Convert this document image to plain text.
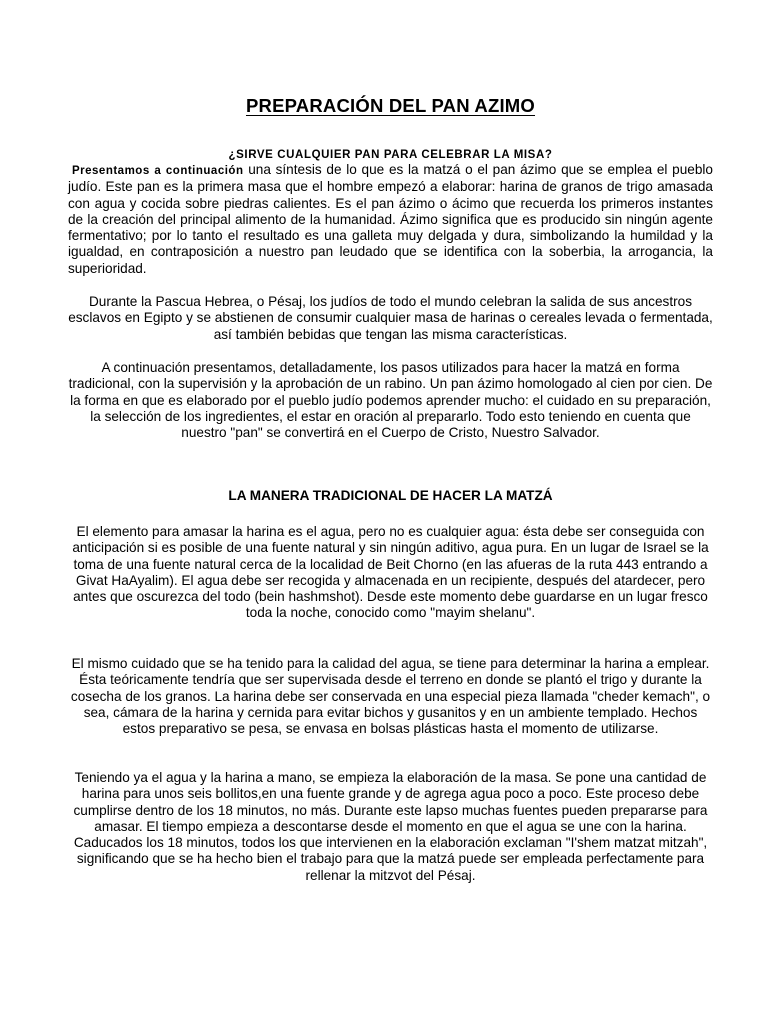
PREPARACIÓN DEL PAN AZIMO

¿SIRVE CUALQUIER PAN PARA CELEBRAR LA MISA?

Presentamos a continuación una síntesis de lo que es la matzá o el pan ázimo que se emplea el pueblo judío. Este pan es la primera masa que el hombre empezó a elaborar: harina de granos de trigo amasada con agua y cocida sobre piedras calientes. Es el pan ázimo o ácimo que recuerda los primeros instantes de la creación del principal alimento de la humanidad. Ázimo significa que es producido sin ningún agente fermentativo; por lo tanto el resultado es una galleta muy delgada y dura, simbolizando la humildad y la igualdad, en contraposición a nuestro pan leudado que se identifica con la soberbia, la arrogancia, la superioridad.

Durante la Pascua Hebrea, o Pésaj, los judíos de todo el mundo celebran la salida de sus ancestros esclavos en Egipto y se abstienen de consumir cualquier masa de harinas o cereales levada o fermentada, así también bebidas que tengan las misma características.

A continuación presentamos, detalladamente, los pasos utilizados para hacer la matzá en forma tradicional, con la supervisión y la aprobación de un rabino. Un pan ázimo homologado al cien por cien. De la forma en que es elaborado por el pueblo judío podemos aprender mucho: el cuidado en su preparación, la selección de los ingredientes, el estar en oración al prepararlo. Todo esto teniendo en cuenta que nuestro "pan" se convertirá en el Cuerpo de Cristo, Nuestro Salvador.

LA MANERA TRADICIONAL DE HACER LA MATZÁ

El elemento para amasar la harina es el agua, pero no es cualquier agua: ésta debe ser conseguida con anticipación si es posible de una fuente natural y sin ningún aditivo, agua pura. En un lugar de Israel se la toma de una fuente natural cerca de la localidad de Beit Chorno (en las afueras de la ruta 443 entrando a Givat HaAyalim). El agua debe ser recogida y almacenada en un recipiente, después del atardecer, pero antes que oscurezca del todo (bein hashmshot). Desde este momento debe guardarse en un lugar fresco toda la noche, conocido como "mayim shelanu".

El mismo cuidado que se ha tenido para la calidad del agua, se tiene para determinar la harina a emplear. Ésta teóricamente tendría que ser supervisada desde el terreno en donde se plantó el trigo y durante la cosecha de los granos. La harina debe ser conservada en una especial pieza llamada "cheder kemach", o sea, cámara de la harina y cernida para evitar bichos y gusanitos y en un ambiente templado. Hechos estos preparativo se pesa, se envasa en bolsas plásticas hasta el momento de utilizarse.

Teniendo ya el agua y la harina a mano, se empieza la elaboración de la masa. Se pone una cantidad de harina para unos seis bollitos,en una fuente grande y de agrega agua poco a poco. Este proceso debe cumplirse dentro de los 18 minutos, no más. Durante este lapso muchas fuentes pueden prepararse para amasar. El tiempo empieza a descontarse desde el momento en que el agua se une con la harina. Caducados los 18 minutos, todos los que intervienen en la elaboración exclaman "I'shem matzat mitzah", significando que se ha hecho bien el trabajo para que la matzá puede ser empleada perfectamente para rellenar la mitzvot del Pésaj.
